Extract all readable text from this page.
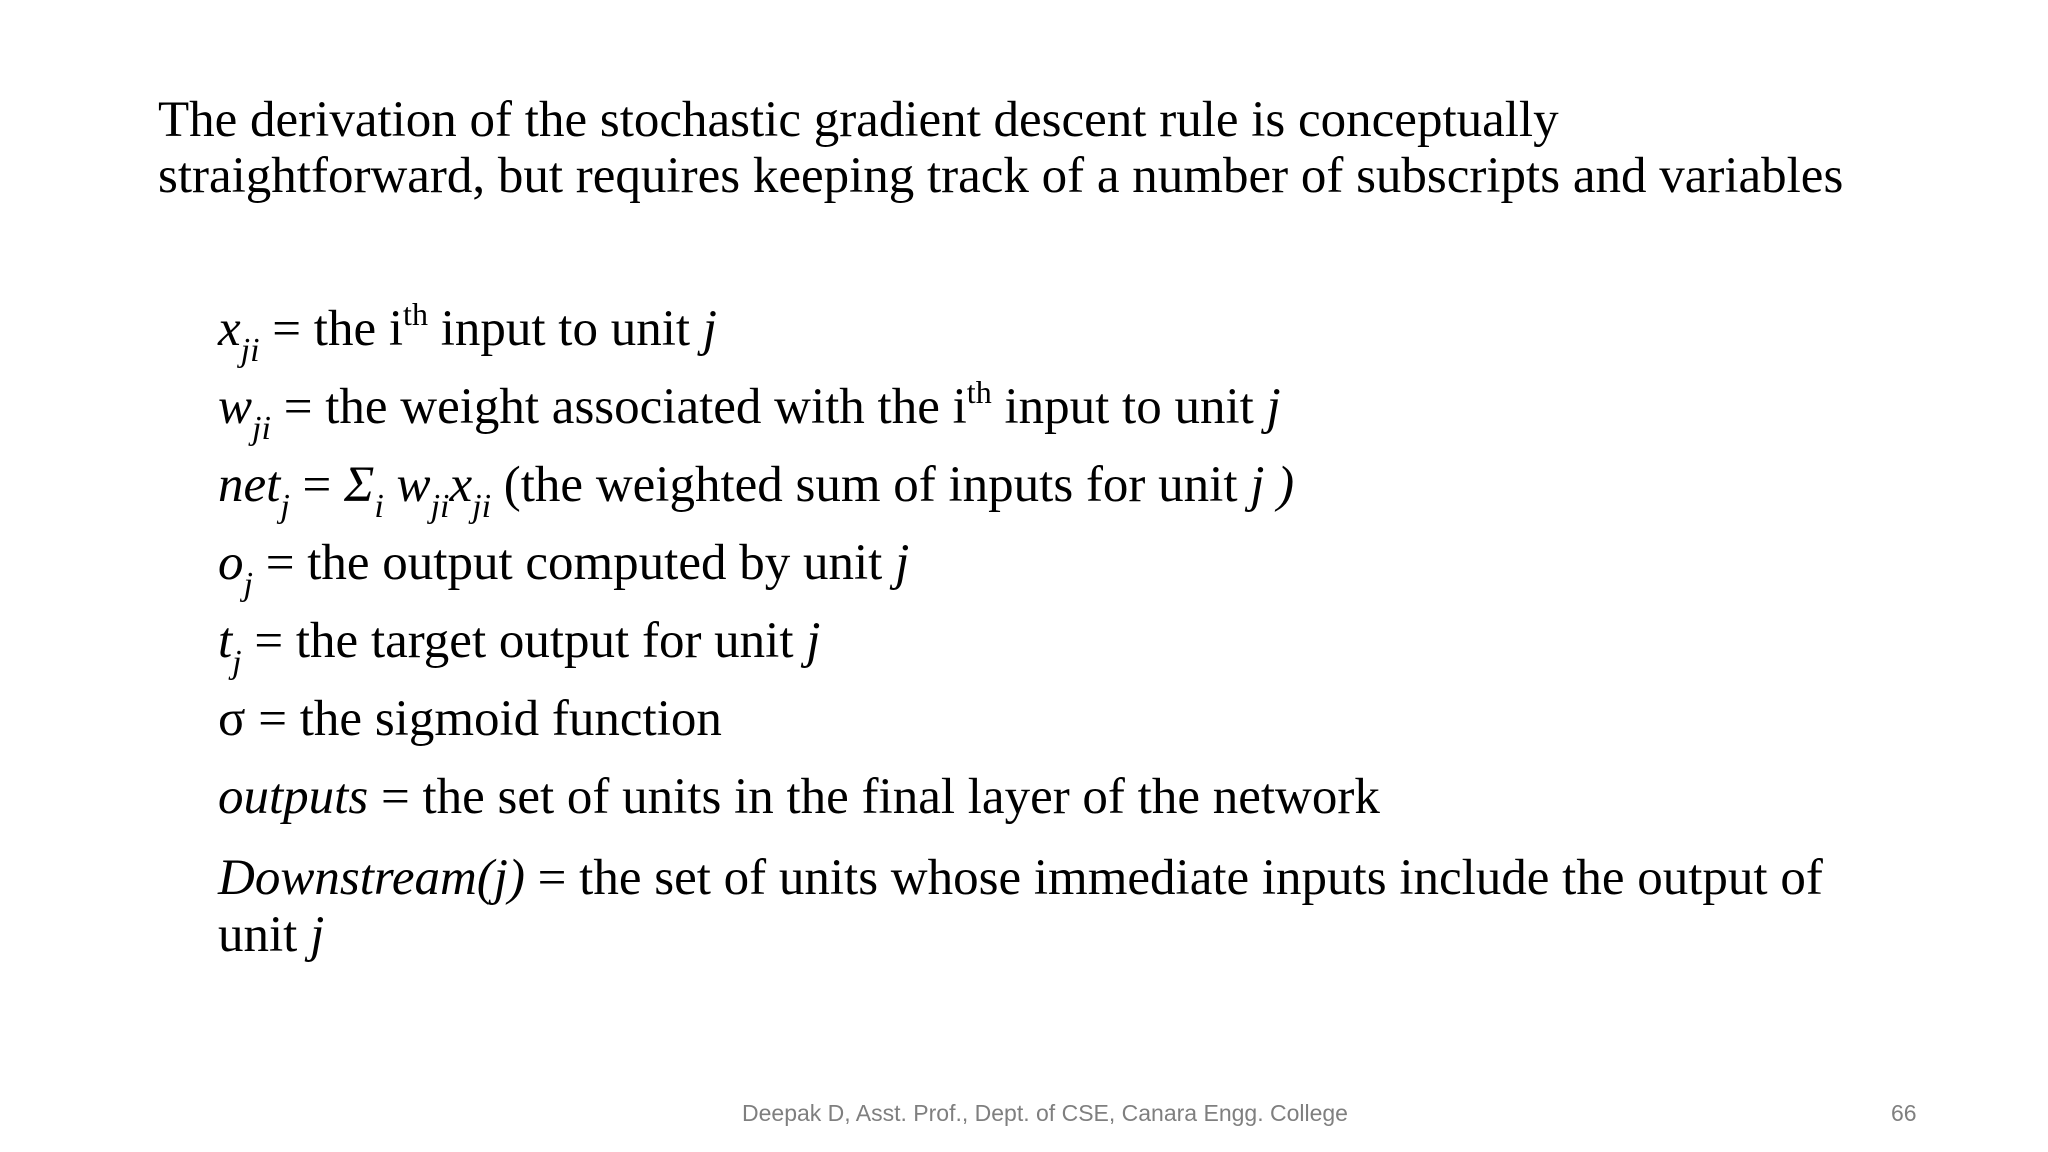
The derivation of the stochastic gradient descent rule is conceptually
straightforward, but requires keeping track of a number of subscripts and variables

$x_{ji}$ = the $i^{th}$ input to unit j
$w_{ji}$ = the weight associated with the $i^{th}$ input to unit j
$net_j = \Sigma_i$ $w_{ji}x_{ji}$ (the weighted sum of inputs for unit j )
$o_j$ = the output computed by unit j
$t_j$ = the target output for unit j
σ = the sigmoid function
outputs = the set of units in the final layer of the network
Downstream(j) = the set of units whose immediate inputs include the output of unit j
Deepak D, Asst. Prof., Dept. of CSE, Canara Engg. College	66
